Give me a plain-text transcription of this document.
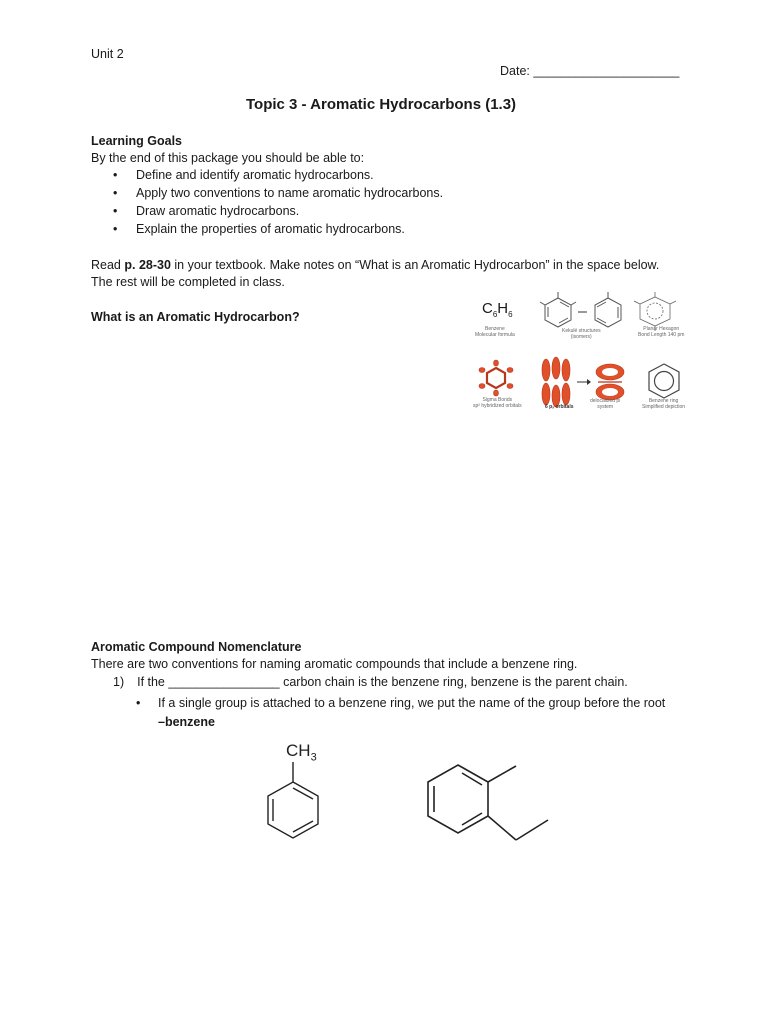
Unit 2
Date: _____________________
Topic 3 - Aromatic Hydrocarbons (1.3)
Learning Goals
By the end of this package you should be able to:
Define and identify aromatic hydrocarbons.
Apply two conventions to name aromatic hydrocarbons.
Draw aromatic hydrocarbons.
Explain the properties of aromatic hydrocarbons.
Read p. 28-30 in your textbook. Make notes on “What is an Aromatic Hydrocarbon” in the space below.
The rest will be completed in class.
What is an Aromatic Hydrocarbon?	$C_6H_6$
Benzene
Molecular formula
Kekulé structures
(isomers)
Planar Hexagon
Bond Length 140 pm
Sigma Bonds
sp² hybridized orbitals	6 pₓ orbitals
delocalized pi
system
Benzene ring
Simplified depiction
Aromatic Compound Nomenclature
There are two conventions for naming aromatic compounds that include a benzene ring.
1) If the ________________ carbon chain is the benzene ring, benzene is the parent chain.
• If a single group is attached to a benzene ring, we put the name of the group before the root
–benzene
$CH_3$
